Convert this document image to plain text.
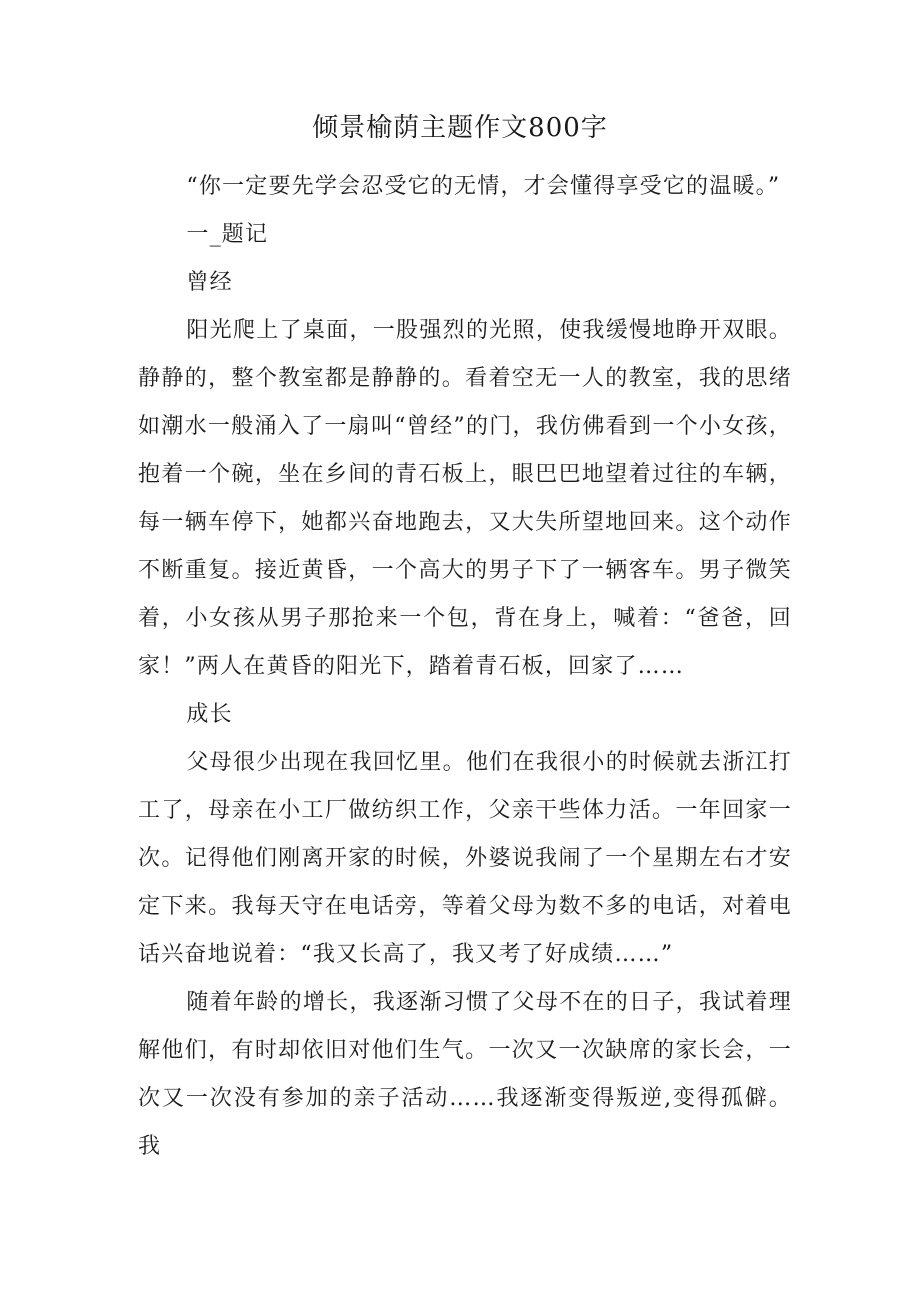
倾景榆荫主题作文800字

“你一定要先学会忍受它的无情，才会懂得享受它的温暖。”

一_题记

曾经

阳光爬上了桌面，一股强烈的光照，使我缓慢地睁开双眼。静静的，整个教室都是静静的。看着空无一人的教室，我的思绪如潮水一般涌入了一扇叫“曾经”的门，我仿佛看到一个小女孩，抱着一个碗，坐在乡间的青石板上，眼巴巴地望着过往的车辆，每一辆车停下，她都兴奋地跑去，又大失所望地回来。这个动作不断重复。接近黄昏，一个高大的男子下了一辆客车。男子微笑着，小女孩从男子那抢来一个包，背在身上，喊着：“爸爸，回家！”两人在黄昏的阳光下，踏着青石板，回家了……

成长

父母很少出现在我回忆里。他们在我很小的时候就去浙江打工了，母亲在小工厂做纺织工作，父亲干些体力活。一年回家一次。记得他们刚离开家的时候，外婆说我闹了一个星期左右才安定下来。我每天守在电话旁，等着父母为数不多的电话，对着电话兴奋地说着：“我又长高了，我又考了好成绩……”

随着年龄的增长，我逐渐习惯了父母不在的日子，我试着理解他们，有时却依旧对他们生气。一次又一次缺席的家长会，一次又一次没有参加的亲子活动……我逐渐变得叛逆,变得孤僻。我
